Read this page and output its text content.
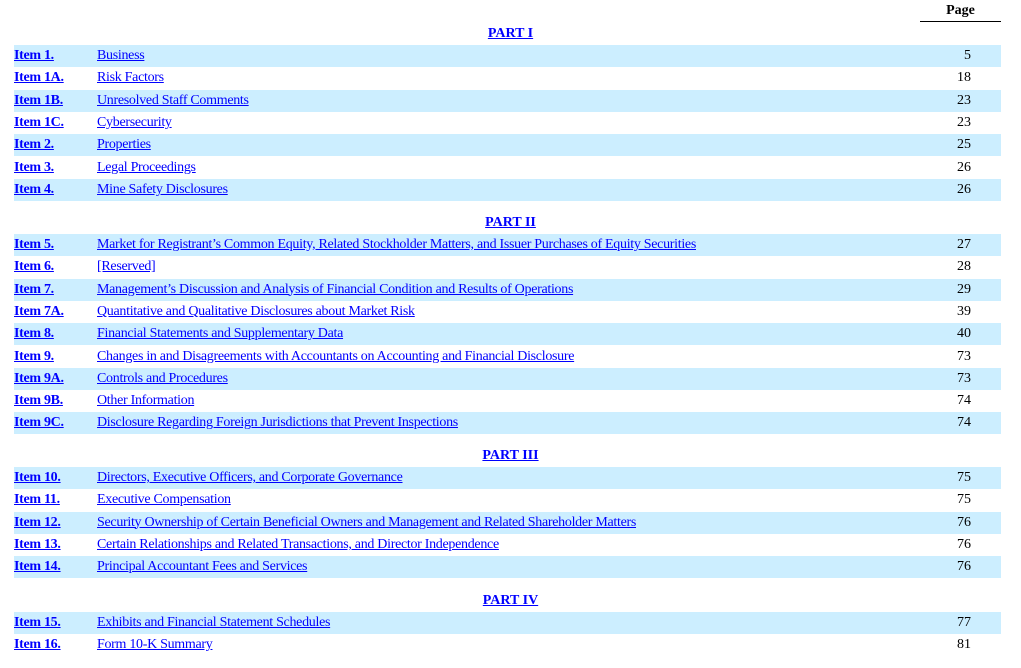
Page
PART I
Item 1.	Business	5
Item 1A. Risk Factors	18
Item 1B. Unresolved Staff Comments	23
Item 1C. Cybersecurity	23
Item 2.	Properties	25
Item 3.	Legal Proceedings	26
Item 4.	Mine Safety Disclosures	26
PART II
Item 5.	Market for Registrant’s Common Equity, Related Stockholder Matters, and Issuer Purchases of Equity Securities	27
Item 6.	[Reserved]	28
Item 7.	Management’s Discussion and Analysis of Financial Condition and Results of Operations	29
Item 7A. Quantitative and Qualitative Disclosures about Market Risk	39
Item 8.	Financial Statements and Supplementary Data	40
Item 9.	Changes in and Disagreements with Accountants on Accounting and Financial Disclosure	73
Item 9A. Controls and Procedures	73
Item 9B. Other Information	74
Item 9C. Disclosure Regarding Foreign Jurisdictions that Prevent Inspections	74
PART III
Item 10.	Directors, Executive Officers, and Corporate Governance	75
Item 11.	Executive Compensation	75
Item 12.	Security Ownership of Certain Beneficial Owners and Management and Related Shareholder Matters	76
Item 13.	Certain Relationships and Related Transactions, and Director Independence	76
Item 14.	Principal Accountant Fees and Services	76
PART IV
Item 15.	Exhibits and Financial Statement Schedules	77
Item 16.	Form 10-K Summary	81
